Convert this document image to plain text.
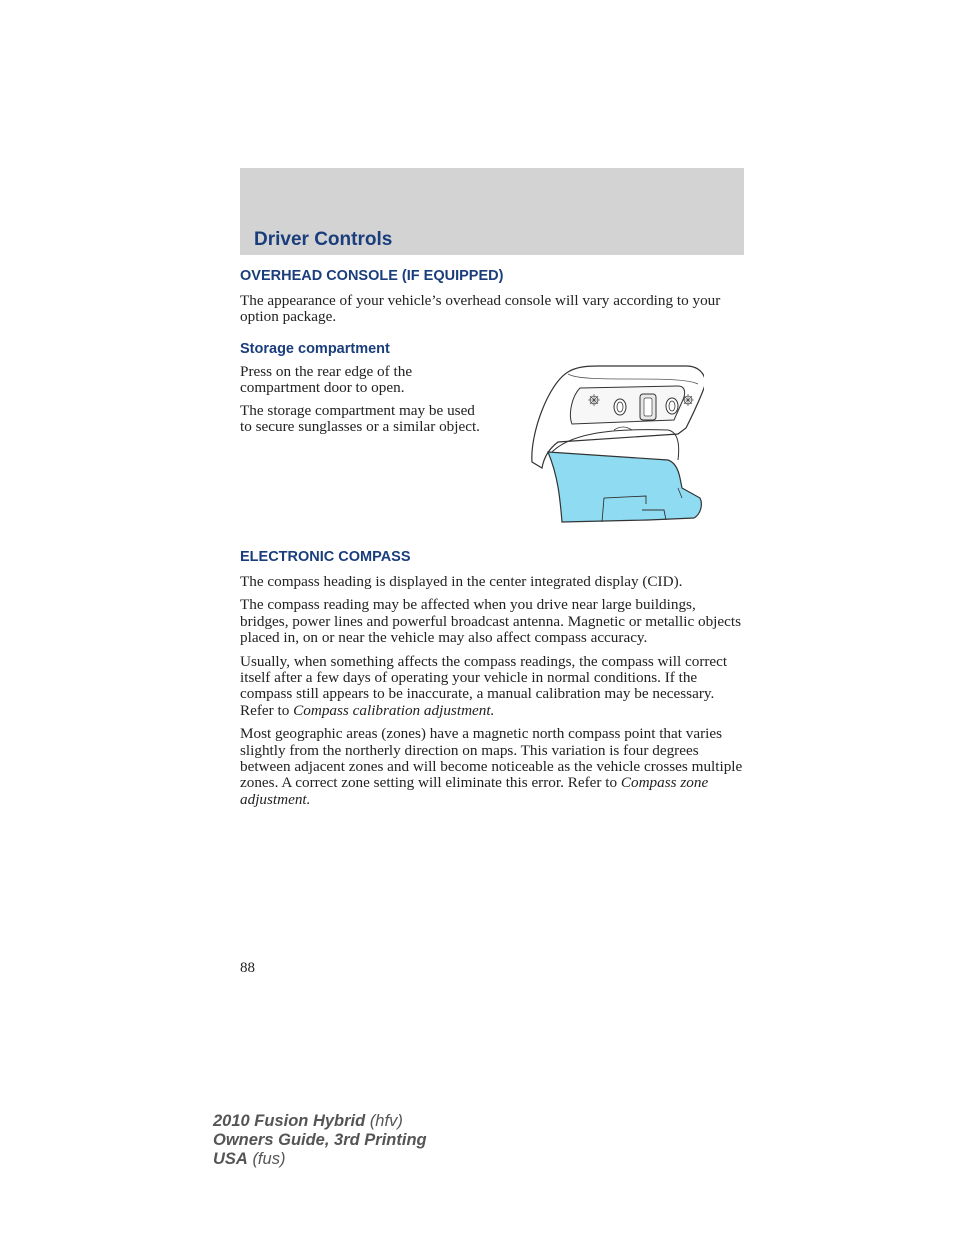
Driver Controls
OVERHEAD CONSOLE (IF EQUIPPED)

The appearance of your vehicle’s overhead console will vary according to your option package.

Storage compartment

Press on the rear edge of the compartment door to open.

The storage compartment may be used to secure sunglasses or a similar object.

ELECTRONIC COMPASS

The compass heading is displayed in the center integrated display (CID).

The compass reading may be affected when you drive near large buildings, bridges, power lines and powerful broadcast antenna. Magnetic or metallic objects placed in, on or near the vehicle may also affect compass accuracy.

Usually, when something affects the compass readings, the compass will correct itself after a few days of operating your vehicle in normal conditions. If the compass still appears to be inaccurate, a manual calibration may be necessary. Refer to Compass calibration adjustment.

Most geographic areas (zones) have a magnetic north compass point that varies slightly from the northerly direction on maps. This variation is four degrees between adjacent zones and will become noticeable as the vehicle crosses multiple zones. A correct zone setting will eliminate this error. Refer to Compass zone adjustment.

88
2010 Fusion Hybrid (hfv)
Owners Guide, 3rd Printing
USA (fus)
